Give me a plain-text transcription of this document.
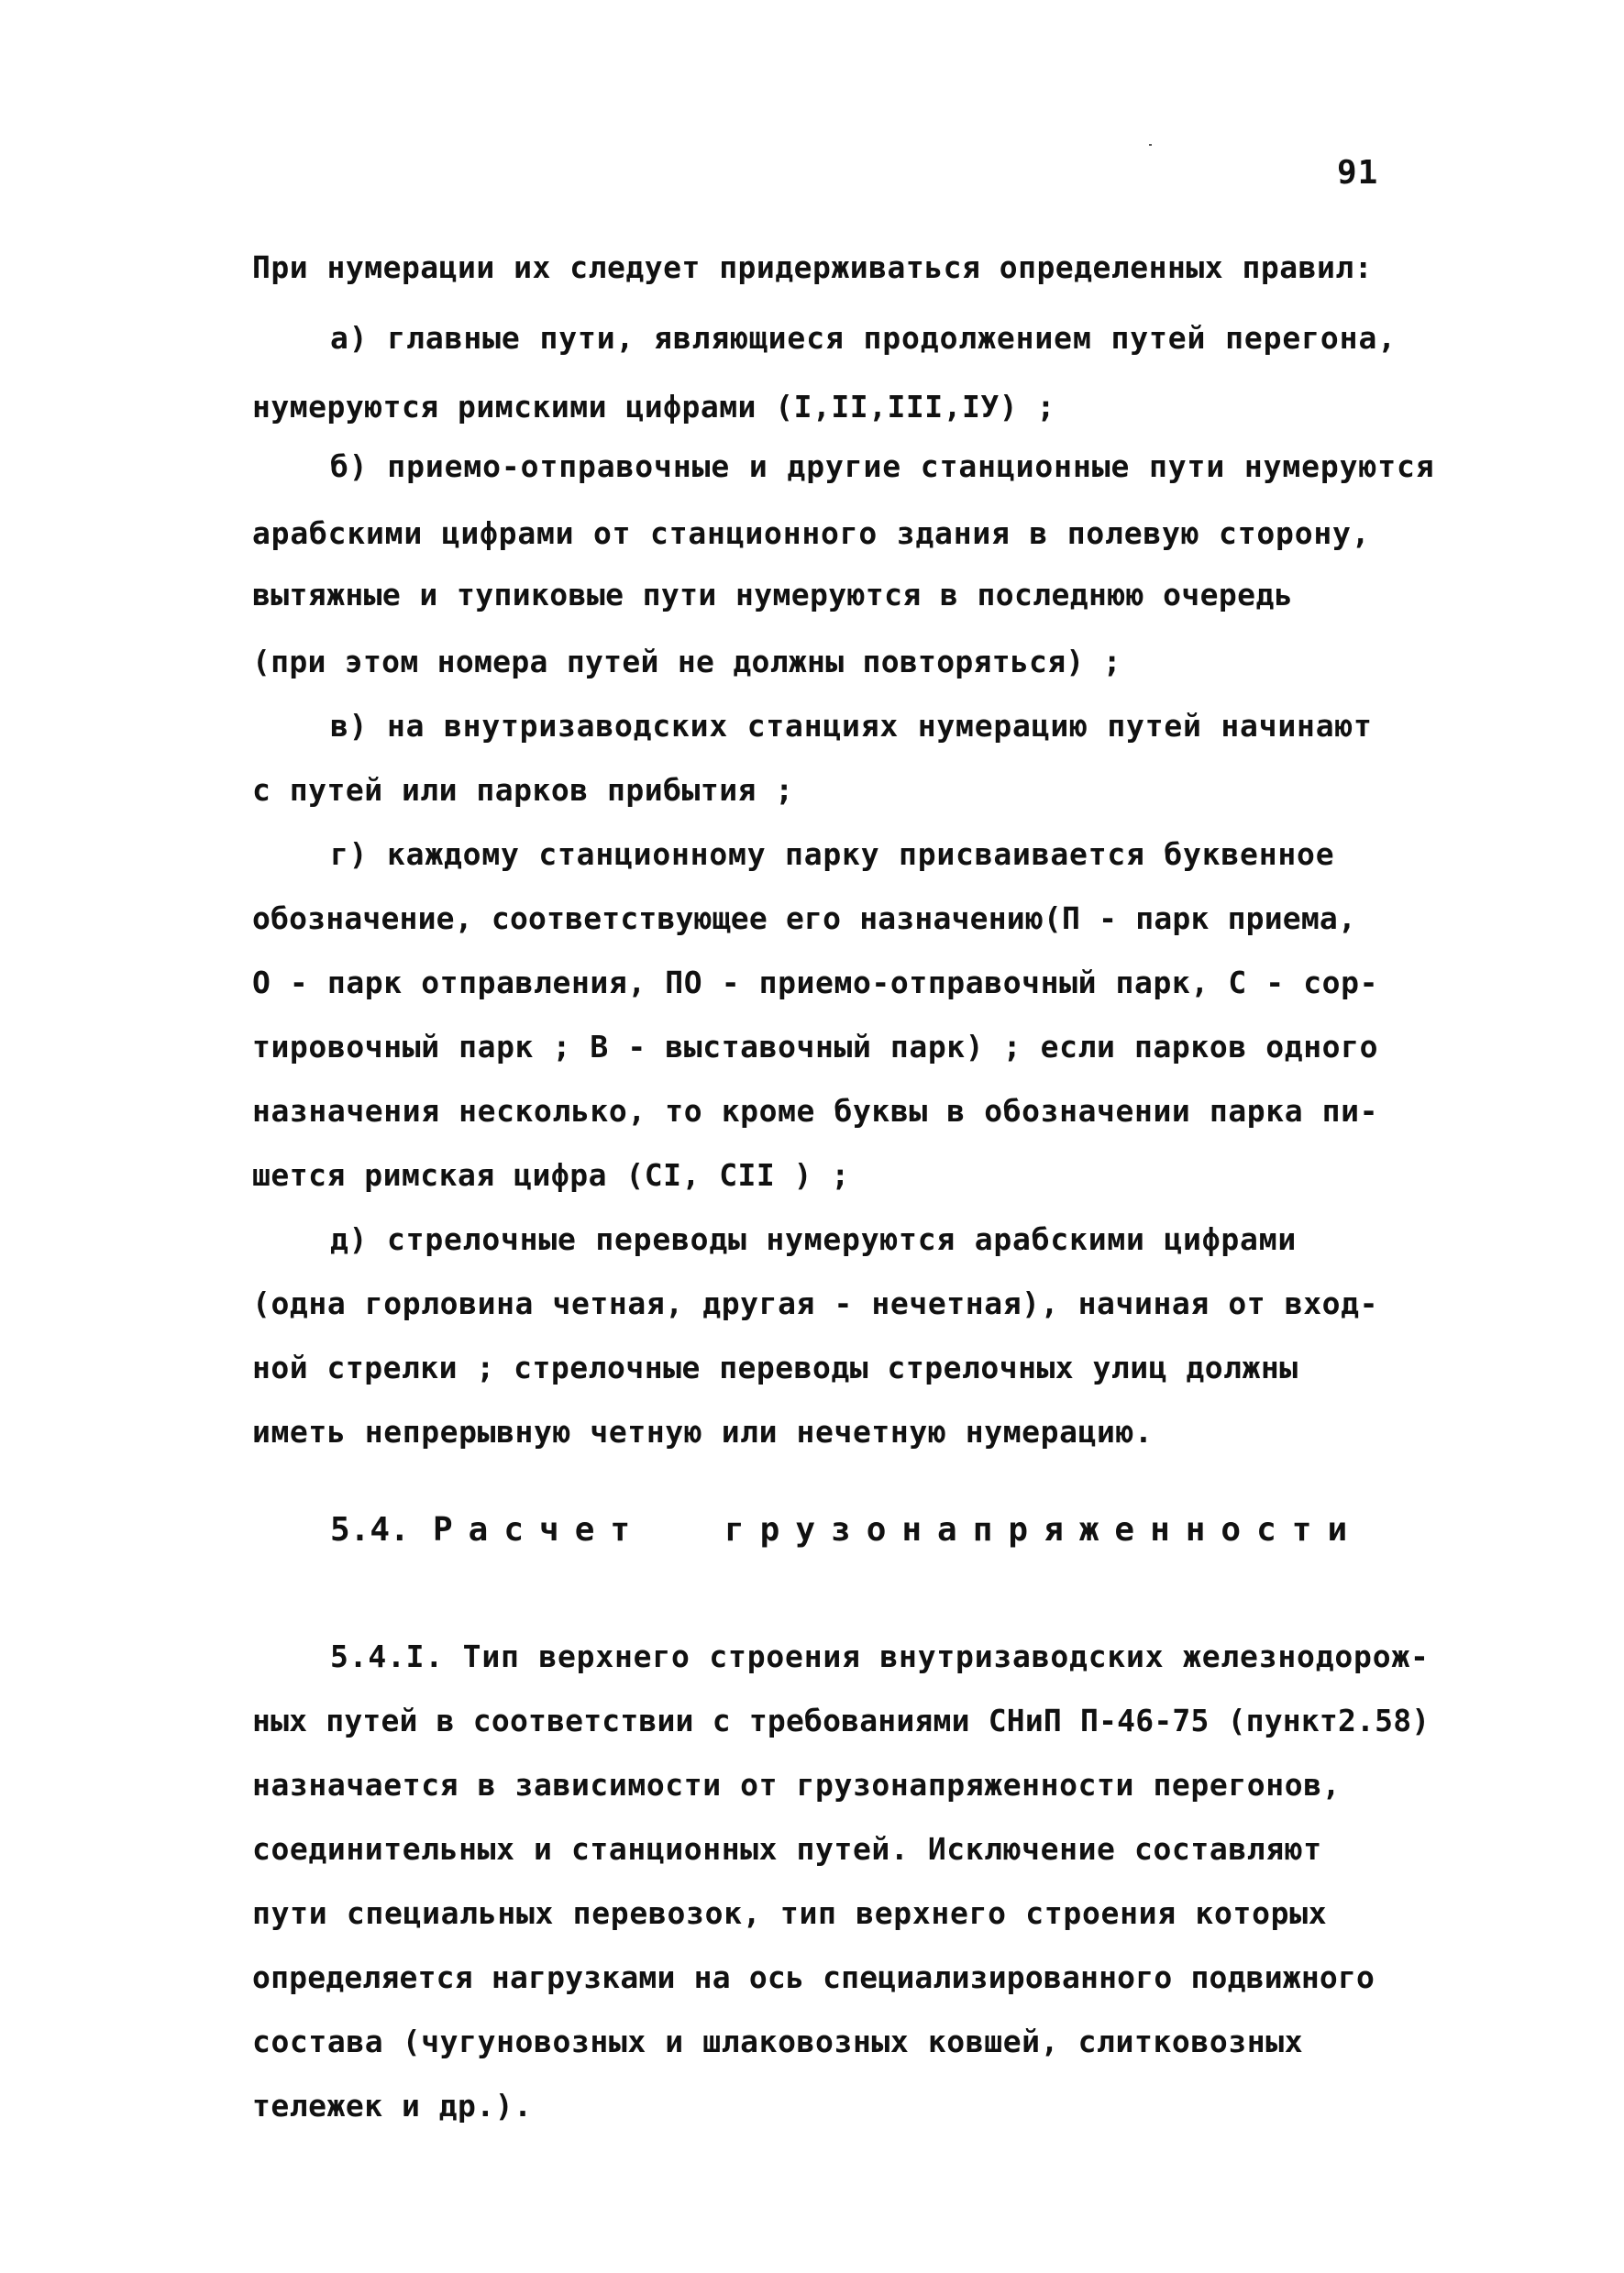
91
При нумерации их следует придерживаться определенных правил:
а) главные пути, являющиеся продолжением путей перегона,
нумеруются римскими цифрами (I,II,III,IУ) ;
б) приемо-отправочные и другие станционные пути нумеруются
арабскими цифрами от станционного здания в полевую сторону,
вытяжные и тупиковые пути нумеруются в последнюю очередь
(при этом номера путей не должны повторяться) ;
в) на внутризаводских станциях нумерацию путей начинают
с путей или парков прибытия ;
г) каждому станционному парку присваивается буквенное
обозначение, соответствующее его назначению(П - парк приема,
О - парк отправления, ПО - приемо-отправочный парк, С - сор-
тировочный парк ; В - выставочный парк) ; если парков одного
назначения несколько, то кроме буквы в обозначении парка пи-
шется римская цифра (CI, CII ) ;
д) стрелочные переводы нумеруются арабскими цифрами
(одна горловина четная, другая - нечетная), начиная от вход-
ной стрелки ; стрелочные переводы стрелочных улиц должны
иметь непрерывную четную или нечетную нумерацию.
5.4. Расчет грузонапряженности
5.4.I. Тип верхнего строения внутризаводских железнодорож-
ных путей в соответствии с требованиями СНиП П-46-75 (пункт2.58)
назначается в зависимости от грузонапряженности перегонов,
соединительных и станционных путей. Исключение составляют
пути специальных перевозок, тип верхнего строения которых
определяется нагрузками на ось специализированного подвижного
состава (чугуновозных и шлаковозных ковшей, слитковозных
тележек и др.).
